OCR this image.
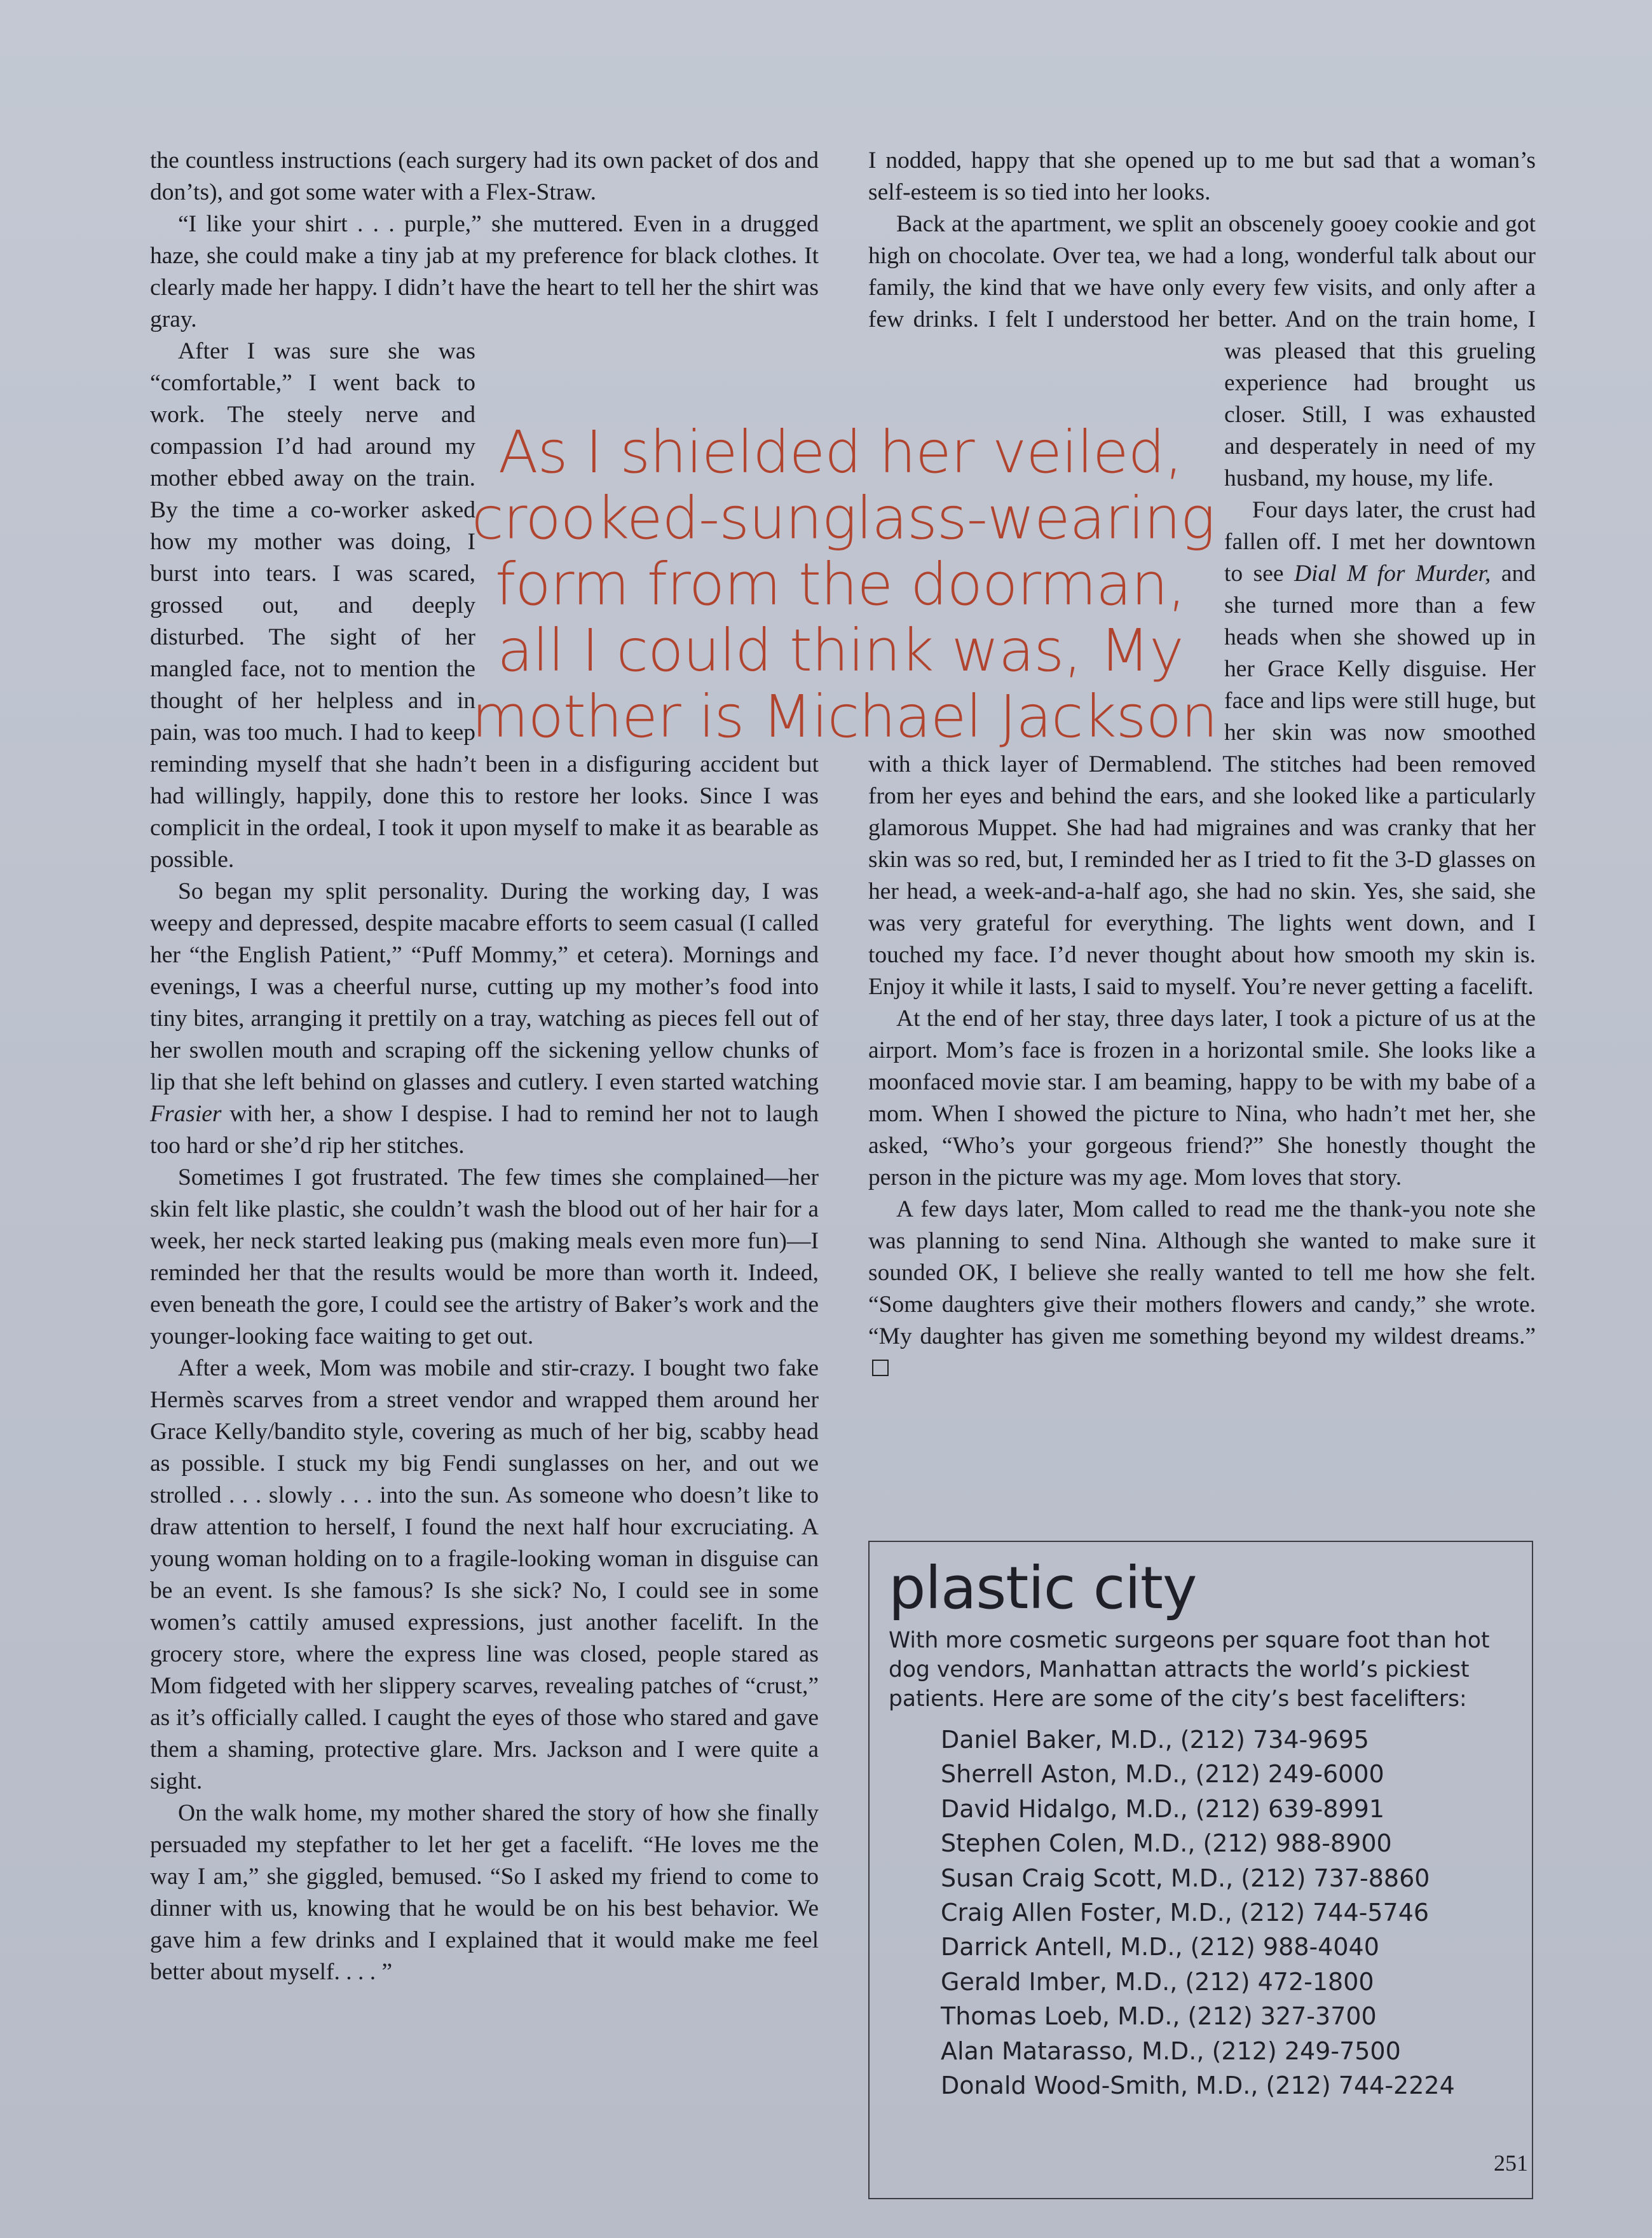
the countless instructions (each surgery had its own packet of dos and don’ts), and got some water with a Flex-Straw.

“I like your shirt . . . purple,” she muttered. Even in a drugged haze, she could make a tiny jab at my preference for black clothes. It clearly made her happy. I didn’t have the heart to tell her the shirt was gray.

After I was sure she was “comfortable,” I went back to work. The steely nerve and compassion I’d had around my mother ebbed away on the train. By the time a co-worker asked how my mother was doing, I burst into tears. I was scared, grossed out, and deeply disturbed. The sight of her mangled face, not to mention the thought of her helpless and in pain, was too much. I had to keep reminding myself that she hadn’t been in a disfiguring accident but had willingly, happily, done this to restore her looks. Since I was complicit in the ordeal, I took it upon myself to make it as bearable as possible.

So began my split personality. During the working day, I was weepy and depressed, despite macabre efforts to seem casual (I called her “the English Patient,” “Puff Mommy,” et cetera). Mornings and evenings, I was a cheerful nurse, cutting up my mother’s food into tiny bites, arranging it prettily on a tray, watching as pieces fell out of her swollen mouth and scraping off the sickening yellow chunks of lip that she left behind on glasses and cutlery. I even started watching Frasier with her, a show I despise. I had to remind her not to laugh too hard or she’d rip her stitches.

Sometimes I got frustrated. The few times she complained—her skin felt like plastic, she couldn’t wash the blood out of her hair for a week, her neck started leaking pus (making meals even more fun)—I reminded her that the results would be more than worth it. Indeed, even beneath the gore, I could see the artistry of Baker’s work and the younger-looking face waiting to get out.

After a week, Mom was mobile and stir-crazy. I bought two fake Hermès scarves from a street vendor and wrapped them around her Grace Kelly/bandito style, covering as much of her big, scabby head as possible. I stuck my big Fendi sunglasses on her, and out we strolled . . . slowly . . . into the sun. As someone who doesn’t like to draw attention to herself, I found the next half hour excruciating. A young woman holding on to a fragile-looking woman in disguise can be an event. Is she famous? Is she sick? No, I could see in some women’s cattily amused expressions, just another facelift. In the grocery store, where the express line was closed, people stared as Mom fidgeted with her slippery scarves, revealing patches of “crust,” as it’s officially called. I caught the eyes of those who stared and gave them a shaming, protective glare. Mrs. Jackson and I were quite a sight.

On the walk home, my mother shared the story of how she finally persuaded my stepfather to let her get a facelift. “He loves me the way I am,” she giggled, bemused. “So I asked my friend to come to dinner with us, knowing that he would be on his best behavior. We gave him a few drinks and I explained that it would make me feel better about myself. . . . ”

I nodded, happy that she opened up to me but sad that a woman’s self-esteem is so tied into her looks.

Back at the apartment, we split an obscenely gooey cookie and got high on chocolate. Over tea, we had a long, wonderful talk about our family, the kind that we have only every few visits, and only after a few drinks. I felt I understood her better. And on the train home, I was pleased that this grueling experience had brought us closer. Still, I was exhausted and desperately in need of my husband, my house, my life.

Four days later, the crust had fallen off. I met her downtown to see Dial M for Murder, and she turned more than a few heads when she showed up in her Grace Kelly disguise. Her face and lips were still huge, but her skin was now smoothed with a thick layer of Dermablend. The stitches had been removed from her eyes and behind the ears, and she looked like a particularly glamorous Muppet. She had had migraines and was cranky that her skin was so red, but, I reminded her as I tried to fit the 3-D glasses on her head, a week-and-a-half ago, she had no skin. Yes, she said, she was very grateful for everything. The lights went down, and I touched my face. I’d never thought about how smooth my skin is. Enjoy it while it lasts, I said to myself. You’re never getting a facelift.

At the end of her stay, three days later, I took a picture of us at the airport. Mom’s face is frozen in a horizontal smile. She looks like a moonfaced movie star. I am beaming, happy to be with my babe of a mom. When I showed the picture to Nina, who hadn’t met her, she asked, “Who’s your gorgeous friend?” She honestly thought the person in the picture was my age. Mom loves that story.

A few days later, Mom called to read me the thank-you note she was planning to send Nina. Although she wanted to make sure it sounded OK, I believe she really wanted to tell me how she felt. “Some daughters give their mothers flowers and candy,” she wrote. “My daughter has given me something beyond my wildest dreams.”

As I shielded her veiled,
crooked-sunglass-wearing
form from the doorman,
all I could think was, My
mother is Michael Jackson
plastic city
With more cosmetic surgeons per square foot than hot dog vendors, Manhattan attracts the world’s pickiest patients. Here are some of the city’s best facelifters:
Daniel Baker, M.D., (212) 734-9695
Sherrell Aston, M.D., (212) 249-6000
David Hidalgo, M.D., (212) 639-8991
Stephen Colen, M.D., (212) 988-8900
Susan Craig Scott, M.D., (212) 737-8860
Craig Allen Foster, M.D., (212) 744-5746
Darrick Antell, M.D., (212) 988-4040
Gerald Imber, M.D., (212) 472-1800
Thomas Loeb, M.D., (212) 327-3700
Alan Matarasso, M.D., (212) 249-7500
Donald Wood-Smith, M.D., (212) 744-2224
251
